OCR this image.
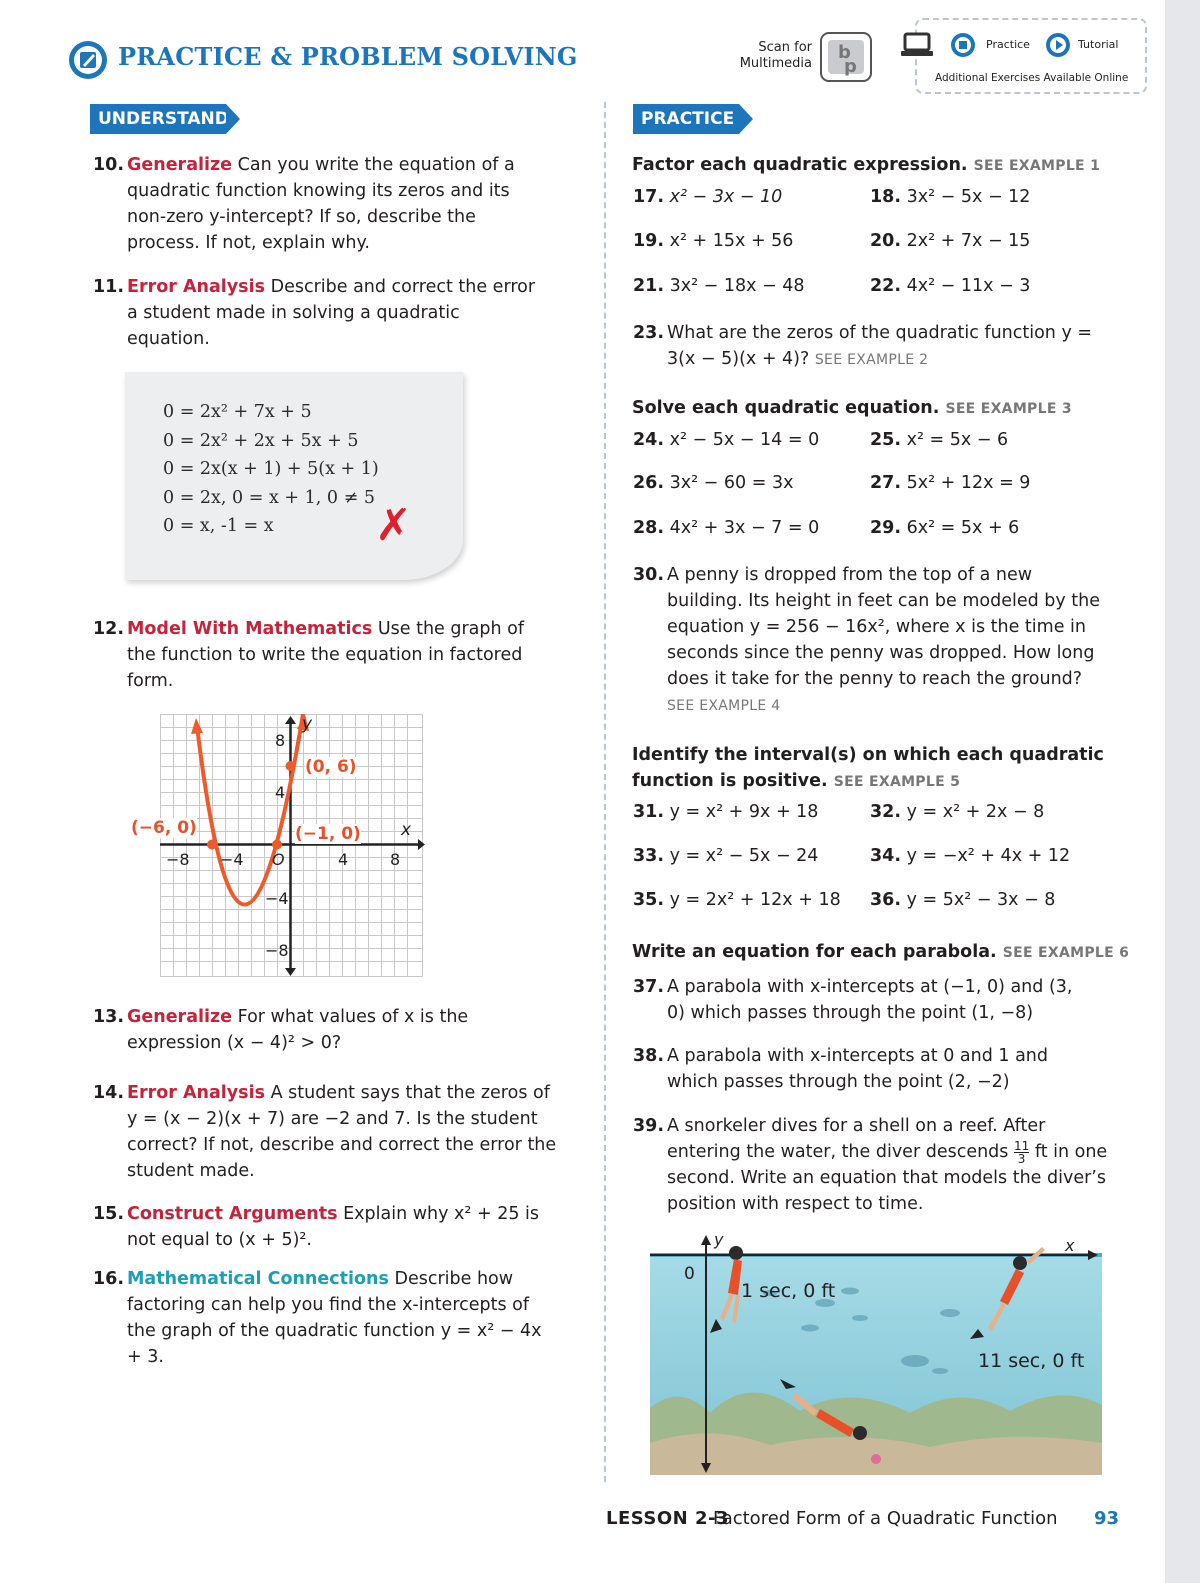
PRACTICE & PROBLEM SOLVING	Scan for
Multimedia
b
p
Practice	Tutorial
Additional Exercises Available Online
UNDERSTAND
10. Generalize Can you write the equation of a quadratic function knowing its zeros and its non-zero y-intercept? If so, describe the process. If not, explain why.
11. Error Analysis Describe and correct the error a student made in solving a quadratic equation.
0 = 2x² + 7x + 5
0 = 2x² + 2x + 5x + 5
0 = 2x(x + 1) + 5(x + 1)
0 = 2x, 0 = x + 1, 0 ≠ 5
0 = x, -1 = x ✗
12. Model With Mathematics Use the graph of the function to write the equation in factored form.
x
y
−8 −4 O	4	8
8
4
−4
−8
(−6, 0)	(−1, 0)
(0, 6)
13. Generalize For what values of x is the expression (x − 4)² > 0?
14. Error Analysis A student says that the zeros of y = (x − 2)(x + 7) are −2 and 7. Is the student correct? If not, describe and correct the error the student made.
15. Construct Arguments Explain why x² + 25 is not equal to (x + 5)².
16. Mathematical Connections Describe how factoring can help you find the x-intercepts of the graph of the quadratic function y = x² − 4x + 3.
PRACTICE
Factor each quadratic expression. SEE EXAMPLE 1
17. x² − 3x − 10	18. 3x² − 5x − 12
19. x² + 15x + 56	20. 2x² + 7x − 15
21. 3x² − 18x − 48	22. 4x² − 11x − 3
23. What are the zeros of the quadratic function y = 3(x − 5)(x + 4)? SEE EXAMPLE 2
Solve each quadratic equation. SEE EXAMPLE 3
24. x² − 5x − 14 = 0	25. x² = 5x − 6
26. 3x² − 60 = 3x	27. 5x² + 12x = 9
28. 4x² + 3x − 7 = 0	29. 6x² = 5x + 6
30. A penny is dropped from the top of a new building. Its height in feet can be modeled by the equation y = 256 − 16x², where x is the time in seconds since the penny was dropped. How long does it take for the penny to reach the ground? SEE EXAMPLE 4
Identify the interval(s) on which each quadratic
function is positive. SEE EXAMPLE 5
31. y = x² + 9x + 18	32. y = x² + 2x − 8
33. y = x² − 5x − 24	34. y = −x² + 4x + 12
35. y = 2x² + 12x + 18 36. y = 5x² − 3x − 8
Write an equation for each parabola. SEE EXAMPLE 6
37. A parabola with x-intercepts at (−1, 0) and (3, 0) which passes through the point (1, −8)
38. A parabola with x-intercepts at 0 and 1 and which passes through the point (2, −2)
39. A snorkeler dives for a shell on a reef. After entering the water, the diver descends $\frac{11}{3}$ ft in one second. Write an equation that models the diver’s position with respect to time.
0
y	x
1 sec, 0 ft
11 sec, 0 ft
LESSON 2-3
Factored Form of a Quadratic Function 93
